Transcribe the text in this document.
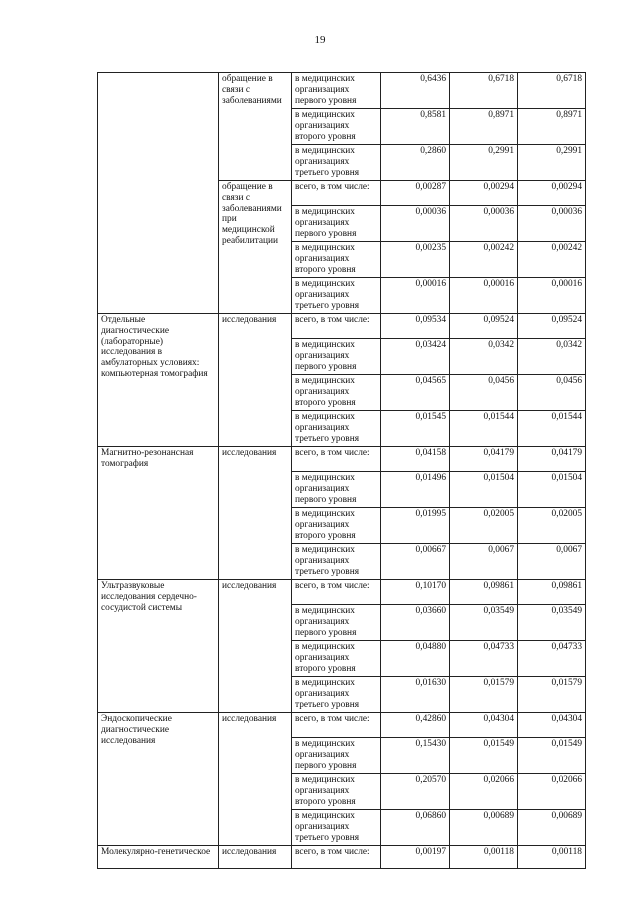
19
	обращение в связи с заболеваниями	в медицинских организациях первого уровня	0,6436	0,6718	0,6718
		в медицинских организациях второго уровня	0,8581	0,8971	0,8971
		в медицинских организациях третьего уровня	0,2860	0,2991	0,2991
	обращение в связи с заболеваниями при медицинской реабилитации	всего, в том числе:	0,00287	0,00294	0,00294
		в медицинских организациях первого уровня	0,00036	0,00036	0,00036
		в медицинских организациях второго уровня	0,00235	0,00242	0,00242
		в медицинских организациях третьего уровня	0,00016	0,00016	0,00016
Отдельные диагностические (лабораторные) исследования в амбулаторных условиях: компьютерная томография	исследования	всего, в том числе:	0,09534	0,09524	0,09524
		в медицинских организациях первого уровня	0,03424	0,0342	0,0342
		в медицинских организациях второго уровня	0,04565	0,0456	0,0456
		в медицинских организациях третьего уровня	0,01545	0,01544	0,01544
Магнитно-резонансная томография	исследования	всего, в том числе:	0,04158	0,04179	0,04179
		в медицинских организациях первого уровня	0,01496	0,01504	0,01504
		в медицинских организациях второго уровня	0,01995	0,02005	0,02005
		в медицинских организациях третьего уровня	0,00667	0,0067	0,0067
Ультразвуковые исследования сердечно-сосудистой системы	исследования	всего, в том числе:	0,10170	0,09861	0,09861
		в медицинских организациях первого уровня	0,03660	0,03549	0,03549
		в медицинских организациях второго уровня	0,04880	0,04733	0,04733
		в медицинских организациях третьего уровня	0,01630	0,01579	0,01579
Эндоскопические диагностические исследования	исследования	всего, в том числе:	0,42860	0,04304	0,04304
		в медицинских организациях первого уровня	0,15430	0,01549	0,01549
		в медицинских организациях второго уровня	0,20570	0,02066	0,02066
		в медицинских организациях третьего уровня	0,06860	0,00689	0,00689
Молекулярно-генетическое	исследования	всего, в том числе:	0,00197	0,00118	0,00118
